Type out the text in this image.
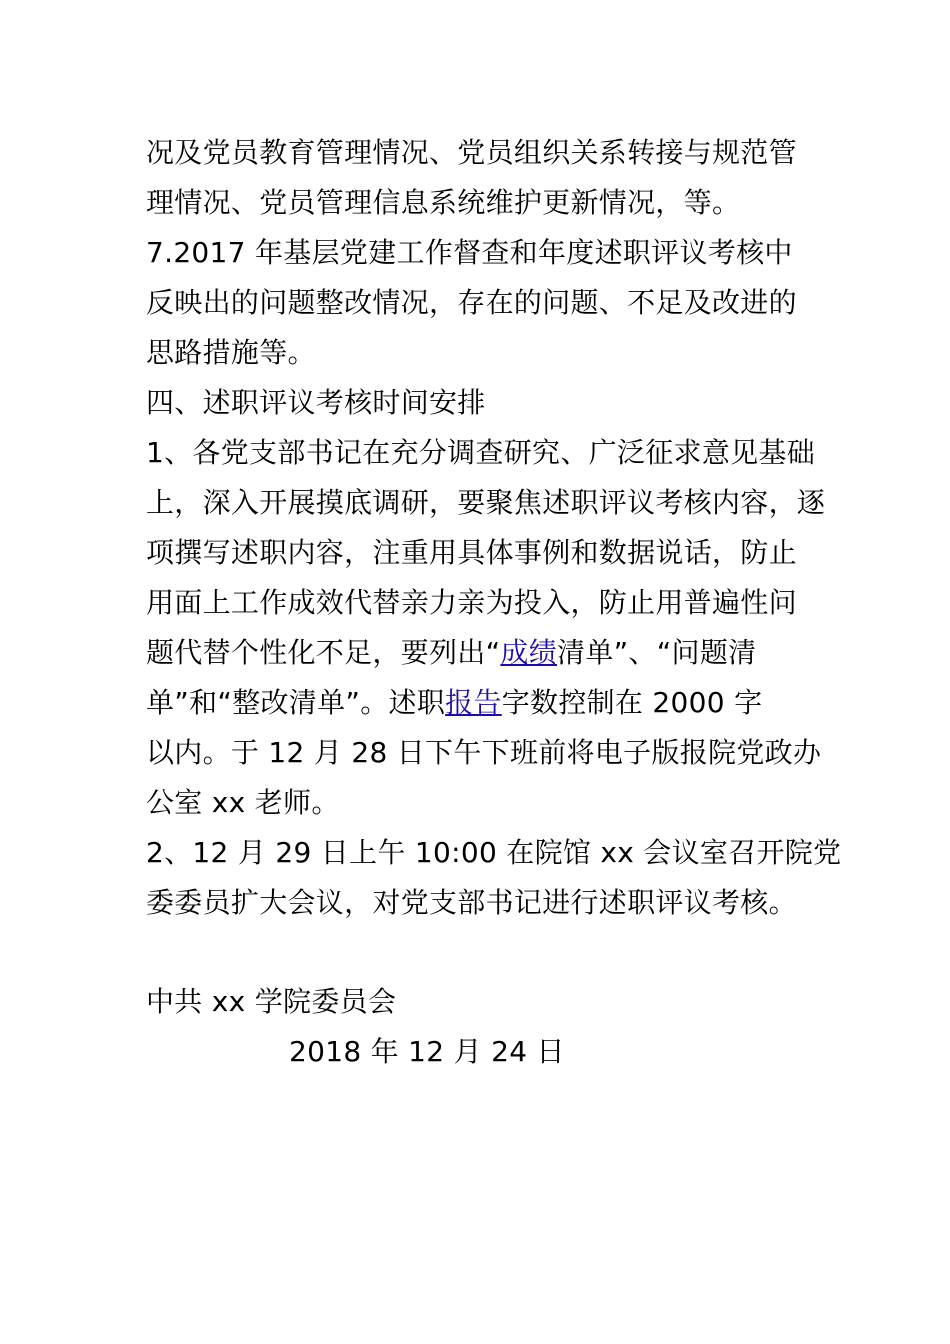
况及党员教育管理情况、党员组织关系转接与规范管
理情况、党员管理信息系统维护更新情况，等。
7.2017 年基层党建工作督查和年度述职评议考核中
反映出的问题整改情况，存在的问题、不足及改进的
思路措施等。
四、述职评议考核时间安排
1、各党支部书记在充分调查研究、广泛征求意见基础
上，深入开展摸底调研，要聚焦述职评议考核内容，逐
项撰写述职内容，注重用具体事例和数据说话，防止
用面上工作成效代替亲力亲为投入，防止用普遍性问
题代替个性化不足，要列出“成绩清单”、“问题清
单”和“整改清单”。述职报告字数控制在 2000 字
以内。于 12 月 28 日下午下班前将电子版报院党政办
公室 xx 老师。
2、12 月 29 日上午 10:00 在院馆 xx 会议室召开院党
委委员扩大会议，对党支部书记进行述职评议考核。
中共 xx 学院委员会
2018 年 12 月 24 日
